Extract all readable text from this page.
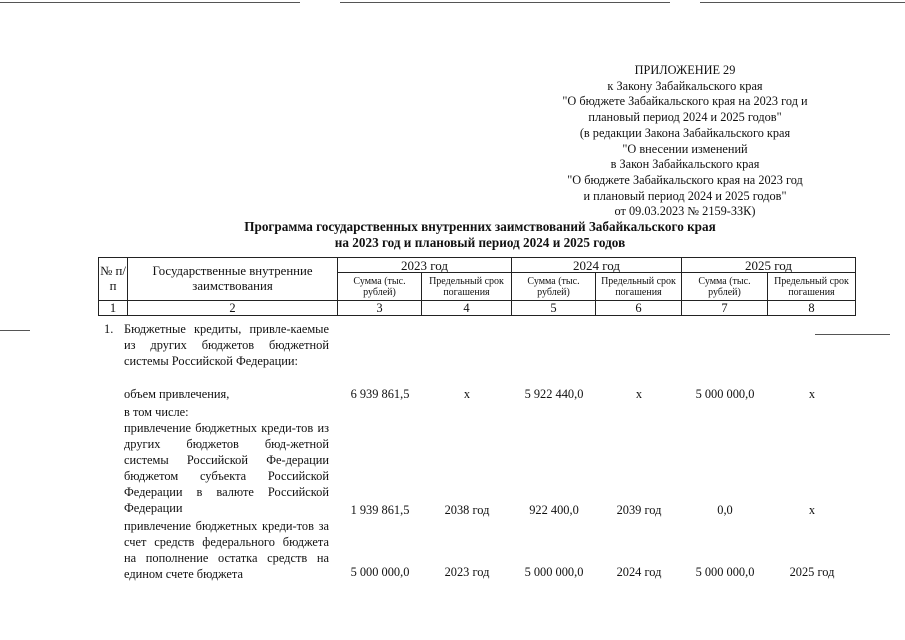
ПРИЛОЖЕНИЕ 29
к Закону Забайкальского края
"О бюджете Забайкальского края на 2023 год и
плановый период 2024 и 2025 годов"
(в редакции Закона Забайкальского края
"О внесении изменений
в Закон Забайкальского края
"О бюджете Забайкальского края на 2023 год
и плановый период 2024 и 2025 годов"
от 09.03.2023 № 2159-ЗЗК)
Программа государственных внутренних заимствований Забайкальского края
на 2023 год и плановый период 2024 и 2025 годов
№ п/п	Государственные внутренние заимствования	2023 год		2024 год		2025 год	
		Сумма (тыс. рублей)	Предельный срок погашения	Сумма (тыс. рублей)	Предельный срок погашения	Сумма (тыс. рублей)	Предельный срок погашения
1	2	3	4	5	6	7	8
1. Бюджетные кредиты, привле-каемые из других бюджетов бюджетной системы Российской Федерации:
объем привлечения,	6 939 861,5	x	5 922 440,0	x	5 000 000,0	x
в том числе:
привлечение бюджетных креди-тов из других бюджетов бюд-жетной системы Российской Фе-дерации бюджетом субъекта Российской Федерации в валюте Российской Федерации	1 939 861,5	2038 год	922 400,0	2039 год	0,0	x
привлечение бюджетных креди-тов за счет средств федерального бюджета на пополнение остатка средств на едином счете бюджета	5 000 000,0	2023 год	5 000 000,0	2024 год	5 000 000,0	2025 год
